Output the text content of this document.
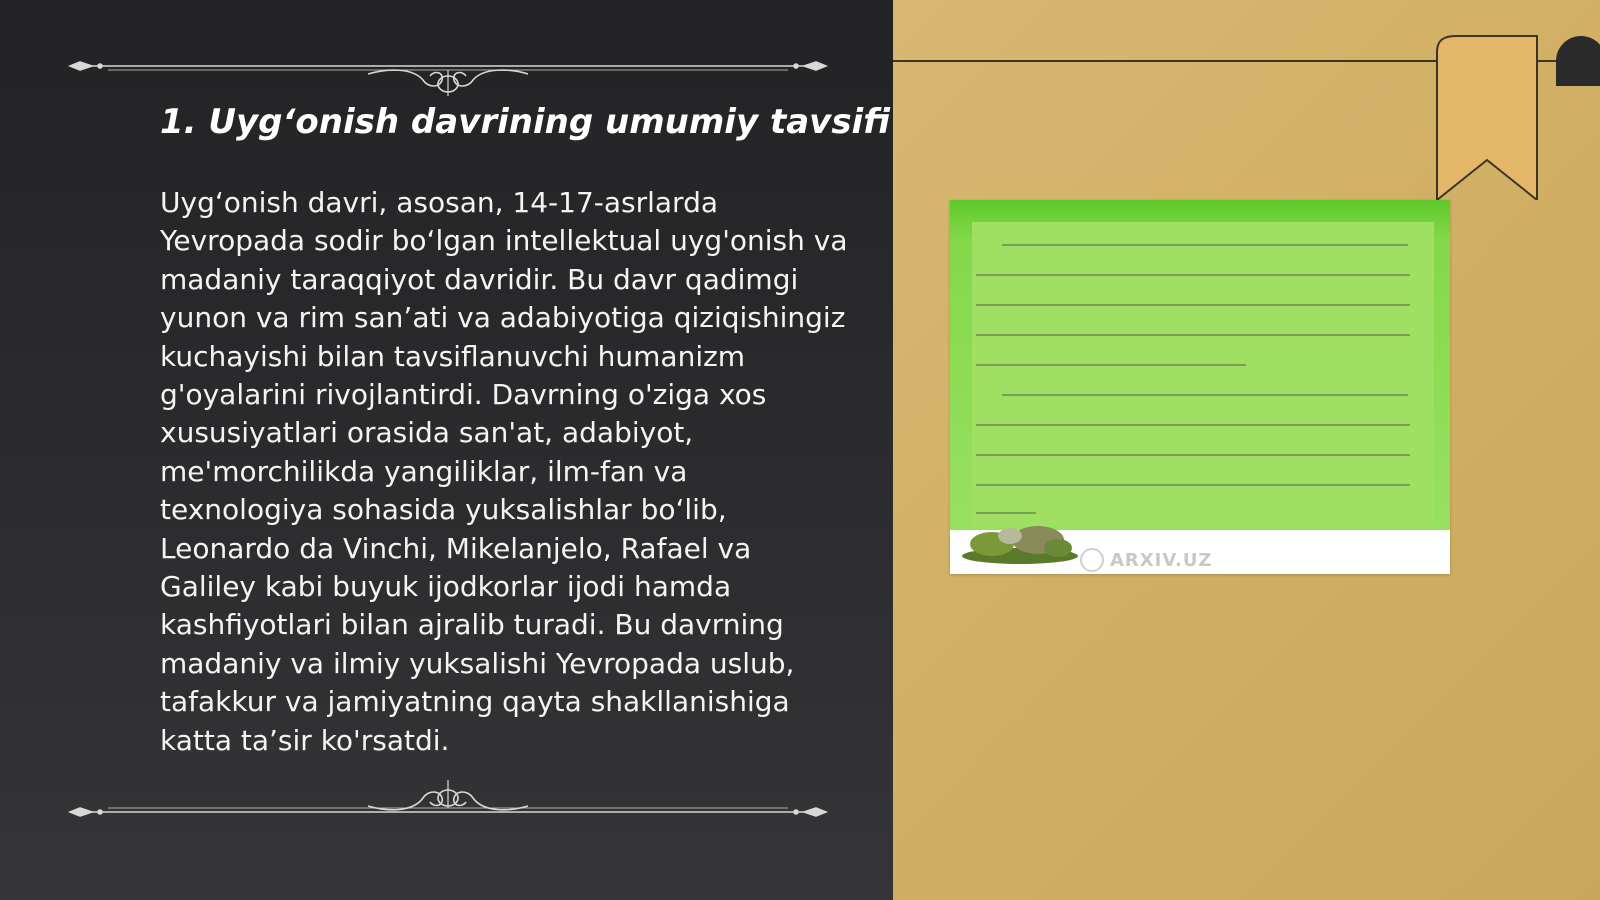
1. Uyg‘onish davrining umumiy tavsifi

Uyg‘onish davri, asosan, 14-17-asrlarda Yevropada sodir bo‘lgan intellektual uyg'onish va madaniy taraqqiyot davridir. Bu davr qadimgi yunon va rim san’ati va adabiyotiga qiziqishingiz kuchayishi bilan tavsiflanuvchi humanizm g'oyalarini rivojlantirdi. Davrning o'ziga xos xususiyatlari orasida san'at, adabiyot, me'morchilikda yangiliklar, ilm-fan va texnologiya sohasida yuksalishlar bo‘lib, Leonardo da Vinchi, Mikelanjelo, Rafael va Galiley kabi buyuk ijodkorlar ijodi hamda kashfiyotlari bilan ajralib turadi. Bu davrning madaniy va ilmiy yuksalishi Yevropada uslub, tafakkur va jamiyatning qayta shakllanishiga katta ta’sir ko'rsatdi.

ARXIV.UZ
